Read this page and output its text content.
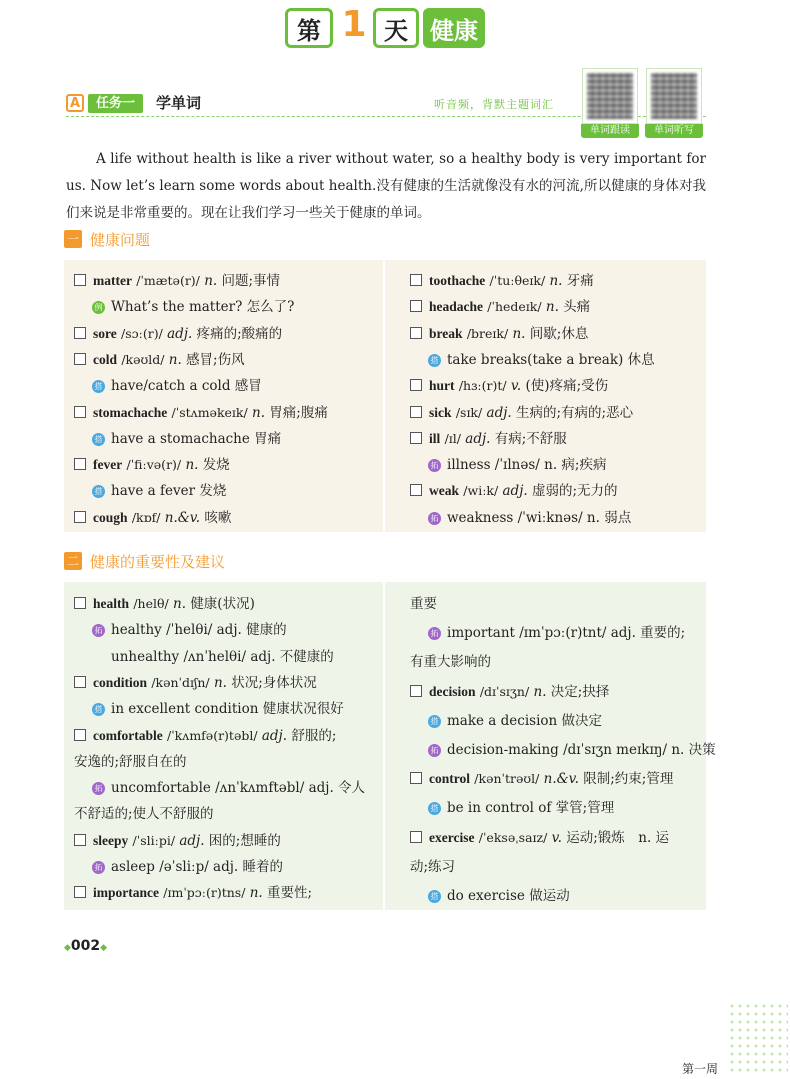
第 1 天 健康
A	任务一	学单词	听音频，背默主题词汇
单词跟读	单词听写

A life without health is like a river without water, so a healthy body is very important for us. Now let’s learn some words about health.没有健康的生活就像没有水的河流,所以健康的身体对我们来说是非常重要的。现在让我们学习一些关于健康的单词。

一 健康问题
matter /ˈmætə(r)/ n. 问题;事情
例 What’s the matter? 怎么了?
sore /sɔː(r)/ adj. 疼痛的;酸痛的
cold /kəʊld/ n. 感冒;伤风
搭 have/catch a cold 感冒
stomachache /ˈstʌməkeɪk/ n. 胃痛;腹痛
搭 have a stomachache 胃痛
fever /ˈfiːvə(r)/ n. 发烧
搭 have a fever 发烧
cough /kɒf/ n.&v. 咳嗽
toothache /ˈtuːθeɪk/ n. 牙痛
headache /ˈhedeɪk/ n. 头痛
break /breɪk/ n. 间歇;休息
搭 take breaks(take a break) 休息
hurt /hɜː(r)t/ v. (使)疼痛;受伤
sick /sɪk/ adj. 生病的;有病的;恶心
ill /ɪl/ adj. 有病;不舒服
拓 illness /ˈɪlnəs/ n. 病;疾病
weak /wiːk/ adj. 虚弱的;无力的
拓 weakness /ˈwiːknəs/ n. 弱点
二 健康的重要性及建议
health /helθ/ n. 健康(状况)
拓 healthy /ˈhelθi/ adj. 健康的
unhealthy /ʌnˈhelθi/ adj. 不健康的
condition /kənˈdɪʃn/ n. 状况;身体状况
搭 in excellent condition 健康状况很好
comfortable /ˈkʌmfə(r)təbl/ adj. 舒服的;
安逸的;舒服自在的
拓 uncomfortable /ʌnˈkʌmftəbl/ adj. 令人
不舒适的;使人不舒服的
sleepy /ˈsliːpi/ adj. 困的;想睡的
拓 asleep /əˈsliːp/ adj. 睡着的
importance /ɪmˈpɔː(r)tns/ n. 重要性;
重要
拓 important /ɪmˈpɔː(r)tnt/ adj. 重要的;
有重大影响的
decision /dɪˈsɪʒn/ n. 决定;抉择
搭 make a decision 做决定
拓 decision-making /dɪˈsɪʒn meɪkɪŋ/ n. 决策
control /kənˈtrəʊl/ n.&v. 限制;约束;管理
搭 be in control of 掌管;管理
exercise /ˈeksəˌsaɪz/ v. 运动;锻炼　n. 运
动;练习
搭 do exercise 做运动
◆002◆
第一周
